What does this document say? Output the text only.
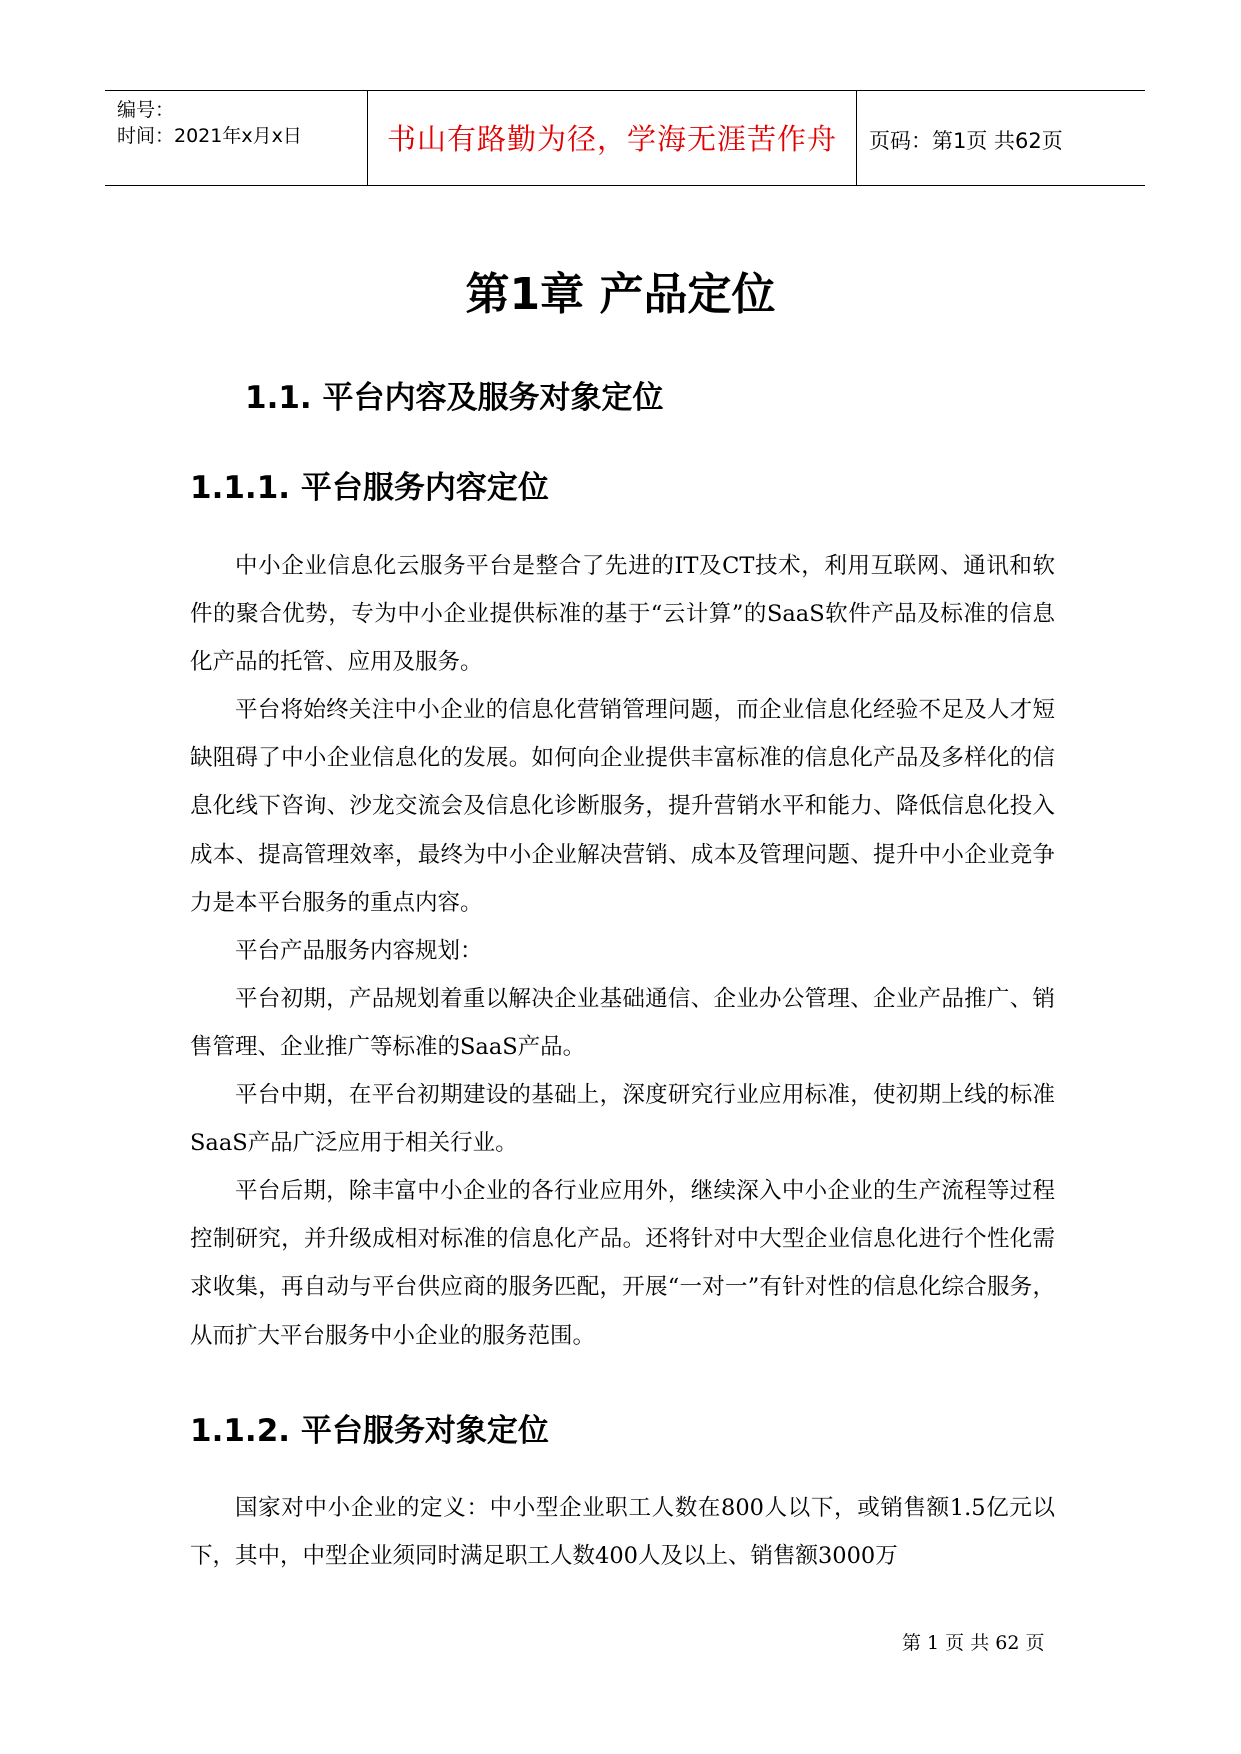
编号：
时间：2021年x月x日	书山有路勤为径，学海无涯苦作舟	页码：第1页 共62页
第1章 产品定位
1.1. 平台内容及服务对象定位
1.1.1. 平台服务内容定位

中小企业信息化云服务平台是整合了先进的IT及CT技术，利用互联网、通讯和软件的聚合优势，专为中小企业提供标准的基于“云计算”的SaaS软件产品及标准的信息化产品的托管、应用及服务。

平台将始终关注中小企业的信息化营销管理问题，而企业信息化经验不足及人才短缺阻碍了中小企业信息化的发展。如何向企业提供丰富标准的信息化产品及多样化的信息化线下咨询、沙龙交流会及信息化诊断服务，提升营销水平和能力、降低信息化投入成本、提高管理效率，最终为中小企业解决营销、成本及管理问题、提升中小企业竞争力是本平台服务的重点内容。

平台产品服务内容规划：

平台初期，产品规划着重以解决企业基础通信、企业办公管理、企业产品推广、销售管理、企业推广等标准的SaaS产品。

平台中期，在平台初期建设的基础上，深度研究行业应用标准，使初期上线的标准SaaS产品广泛应用于相关行业。

平台后期，除丰富中小企业的各行业应用外，继续深入中小企业的生产流程等过程控制研究，并升级成相对标准的信息化产品。还将针对中大型企业信息化进行个性化需求收集，再自动与平台供应商的服务匹配，开展“一对一”有针对性的信息化综合服务，从而扩大平台服务中小企业的服务范围。

1.1.2. 平台服务对象定位

国家对中小企业的定义：中小型企业职工人数在800人以下，或销售额1.5亿元以下，其中，中型企业须同时满足职工人数400人及以上、销售额3000万

第 1 页 共 62 页
